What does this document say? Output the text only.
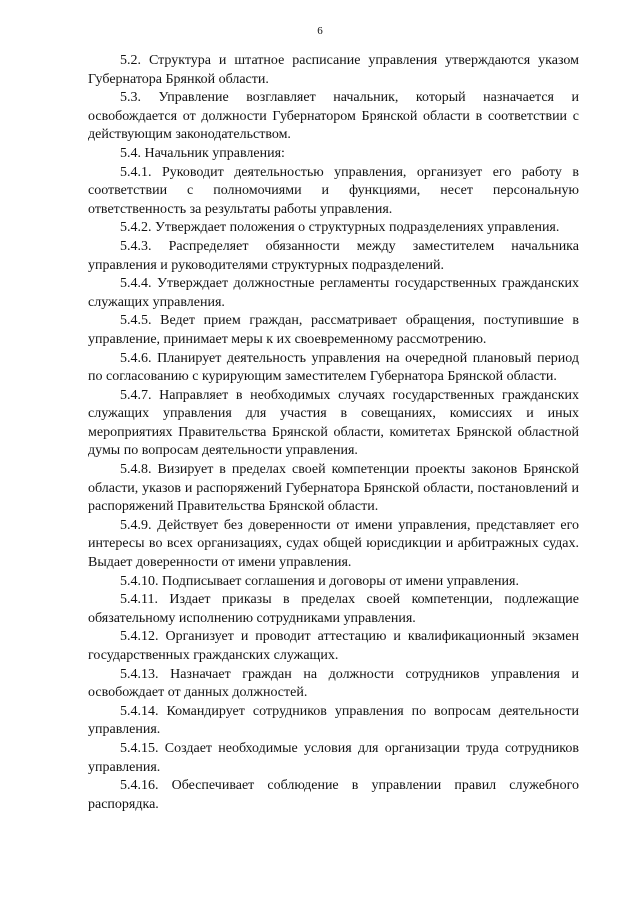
6

5.2. Структура и штатное расписание управления утверждаются указом Губернатора Брянкой области.

5.3. Управление возглавляет начальник, который назначается и освобождается от должности Губернатором Брянской области в соответствии с действующим законодательством.

5.4. Начальник управления:

5.4.1. Руководит деятельностью управления, организует его работу в соответствии с полномочиями и функциями, несет персональную ответственность за результаты работы управления.

5.4.2. Утверждает положения о структурных подразделениях управления.

5.4.3. Распределяет обязанности между заместителем начальника управления и руководителями структурных подразделений.

5.4.4. Утверждает должностные регламенты государственных гражданских служащих управления.

5.4.5. Ведет прием граждан, рассматривает обращения, поступившие в управление, принимает меры к их своевременному рассмотрению.

5.4.6. Планирует деятельность управления на очередной плановый период по согласованию с курирующим заместителем Губернатора Брянской области.

5.4.7. Направляет в необходимых случаях государственных гражданских служащих управления для участия в совещаниях, комиссиях и иных мероприятиях Правительства Брянской области, комитетах Брянской областной думы по вопросам деятельности управления.

5.4.8. Визирует в пределах своей компетенции проекты законов Брянской области, указов и распоряжений Губернатора Брянской области, постановлений и распоряжений Правительства Брянской области.

5.4.9. Действует без доверенности от имени управления, представляет его интересы во всех организациях, судах общей юрисдикции и арбитражных судах. Выдает доверенности от имени управления.

5.4.10. Подписывает соглашения и договоры от имени управления.

5.4.11. Издает приказы в пределах своей компетенции, подлежащие обязательному исполнению сотрудниками управления.

5.4.12. Организует и проводит аттестацию и квалификационный экзамен государственных гражданских служащих.

5.4.13. Назначает граждан на должности сотрудников управления и освобождает от данных должностей.

5.4.14. Командирует сотрудников управления по вопросам деятельности управления.

5.4.15. Создает необходимые условия для организации труда сотрудников управления.

5.4.16. Обеспечивает соблюдение в управлении правил служебного распорядка.
